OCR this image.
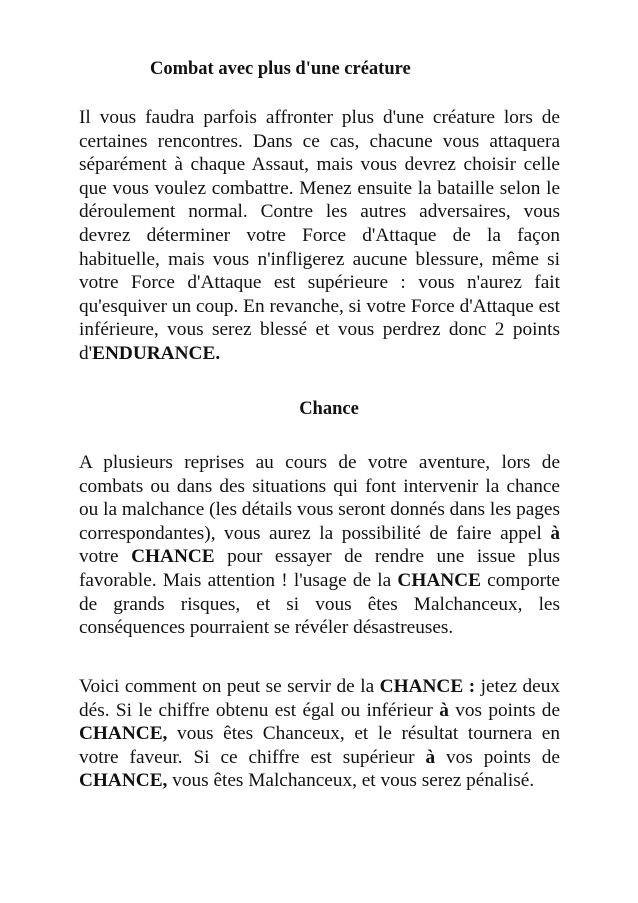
Combat avec plus d'une créature
Il vous faudra parfois affronter plus d'une créature lors de certaines rencontres. Dans ce cas, chacune vous attaquera séparément à chaque Assaut, mais vous devrez choisir celle que vous voulez combattre. Menez ensuite la bataille selon le déroulement normal. Contre les autres adversaires, vous devrez déterminer votre Force d'Attaque de la façon habituelle, mais vous n'infligerez aucune blessure, même si votre Force d'Attaque est supérieure : vous n'aurez fait qu'esquiver un coup. En revanche, si votre Force d'Attaque est inférieure, vous serez blessé et vous perdrez donc 2 points d'ENDURANCE.
Chance
A plusieurs reprises au cours de votre aventure, lors de combats ou dans des situations qui font intervenir la chance ou la malchance (les détails vous seront donnés dans les pages correspondantes), vous aurez la possibilité de faire appel à votre CHANCE pour essayer de rendre une issue plus favorable. Mais attention ! l'usage de la CHANCE comporte de grands risques, et si vous êtes Malchanceux, les conséquences pourraient se révéler désastreuses.
Voici comment on peut se servir de la CHANCE : jetez deux dés. Si le chiffre obtenu est égal ou inférieur à vos points de CHANCE, vous êtes Chanceux, et le résultat tournera en votre faveur. Si ce chiffre est supérieur à vos points de CHANCE, vous êtes Malchanceux, et vous serez pénalisé.
